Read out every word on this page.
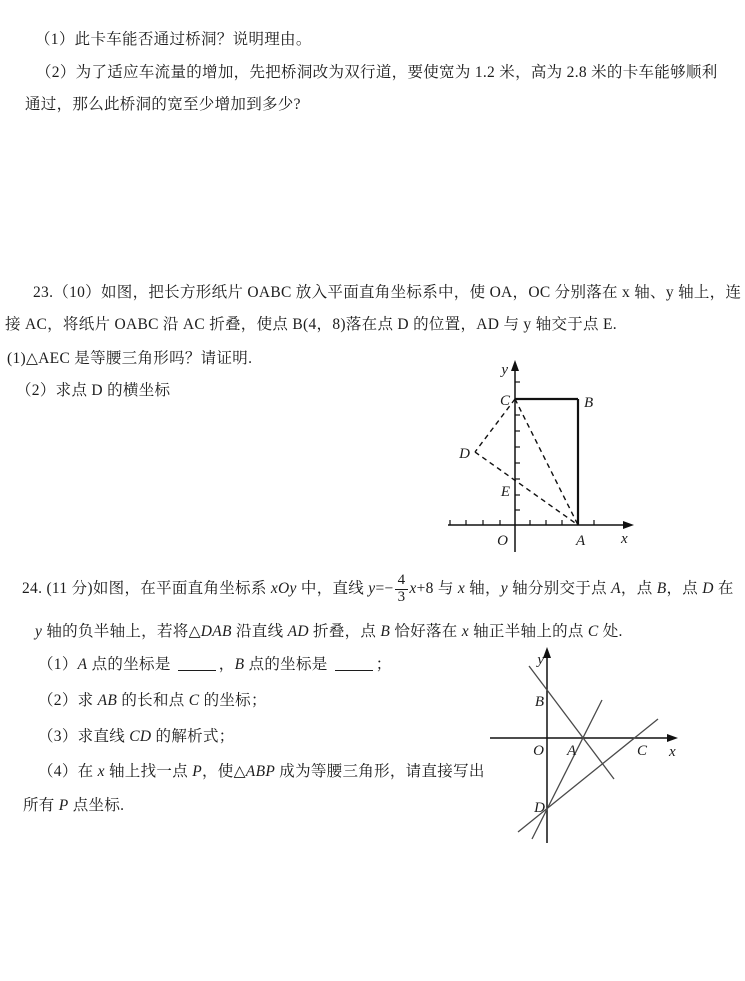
（1）此卡车能否通过桥洞？说明理由。
（2）为了适应车流量的增加，先把桥洞改为双行道，要使宽为 1.2 米，高为 2.8 米的卡车能够顺利
通过，那么此桥洞的宽至少增加到多少?
23.（10）如图，把长方形纸片 OABC 放入平面直角坐标系中，使 OA，OC 分别落在 x 轴、y 轴上，连
接 AC，将纸片 OABC 沿 AC 折叠，使点 B(4，8)落在点 D 的位置，AD 与 y 轴交于点 E.
(1)△AEC 是等腰三角形吗？请证明.
（2）求点 D 的横坐标
y
x
O
C	B
D
E
A
24. (11 分)如图，在平面直角坐标系 xOy 中，直线 $y=- \frac{4}{3} x+8$ 与 x 轴，y 轴分别交于点 A，点 B，点 D 在
y 轴的负半轴上，若将△DAB 沿直线 AD 折叠，点 B 恰好落在 x 轴正半轴上的点 C 处.
（1）A 点的坐标是	，B 点的坐标是	；
（2）求 AB 的长和点 C 的坐标；
（3）求直线 CD 的解析式；
（4）在 x 轴上找一点 P，使△ABP 成为等腰三角形，请直接写出
所有 P 点坐标.
y
x
O
B
A	C
D
